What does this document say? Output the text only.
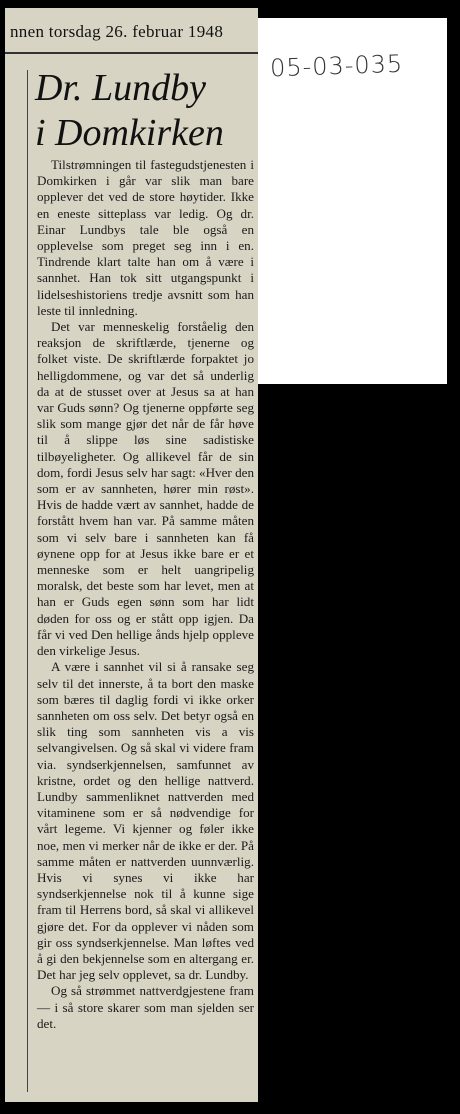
nnen torsdag 26. februar 1948
Dr. Lundby
i Domkirken

Tilstrømningen til fastegudstjenesten i Domkirken i går var slik man bare opplever det ved de store høytider. Ikke en eneste sitteplass var ledig. Og dr. Einar Lundbys tale ble også en opplevelse som preget seg inn i en. Tindrende klart talte han om å være i sannhet. Han tok sitt utgangspunkt i lidelseshistoriens tredje avsnitt som han leste til innledning.

Det var menneskelig forståelig den reaksjon de skriftlærde, tjenerne og folket viste. De skriftlærde forpaktet jo helligdommene, og var det så underlig da at de stusset over at Jesus sa at han var Guds sønn? Og tjenerne oppførte seg slik som mange gjør det når de får høve til å slippe løs sine sadistiske tilbøyeligheter. Og allikevel får de sin dom, fordi Jesus selv har sagt: «Hver den som er av sannheten, hører min røst». Hvis de hadde vært av sannhet, hadde de forstått hvem han var. På samme måten som vi selv bare i sannheten kan få øynene opp for at Jesus ikke bare er et menneske som er helt uangripelig moralsk, det beste som har levet, men at han er Guds egen sønn som har lidt døden for oss og er stått opp igjen. Da får vi ved Den hellige ånds hjelp oppleve den virkelige Jesus.

A være i sannhet vil si å ransake seg selv til det innerste, å ta bort den maske som bæres til daglig fordi vi ikke orker sannheten om oss selv. Det betyr også en slik ting som sannheten vis a vis selvangivelsen. Og så skal vi videre fram via. syndserkjennelsen, samfunnet av kristne, ordet og den hellige nattverd. Lundby sammenliknet nattverden med vitaminene som er så nødvendige for vårt legeme. Vi kjenner og føler ikke noe, men vi merker når de ikke er der. På samme måten er nattverden uunnværlig. Hvis vi synes vi ikke har syndserkjennelse nok til å kunne sige fram til Herrens bord, så skal vi allikevel gjøre det. For da opplever vi nåden som gir oss syndserkjennelse. Man løftes ved å gi den bekjennelse som en altergang er. Det har jeg selv opplevet, sa dr. Lundby.

Og så strømmet nattverdgjestene fram — i så store skarer som man sjelden ser det.

05-03-035
